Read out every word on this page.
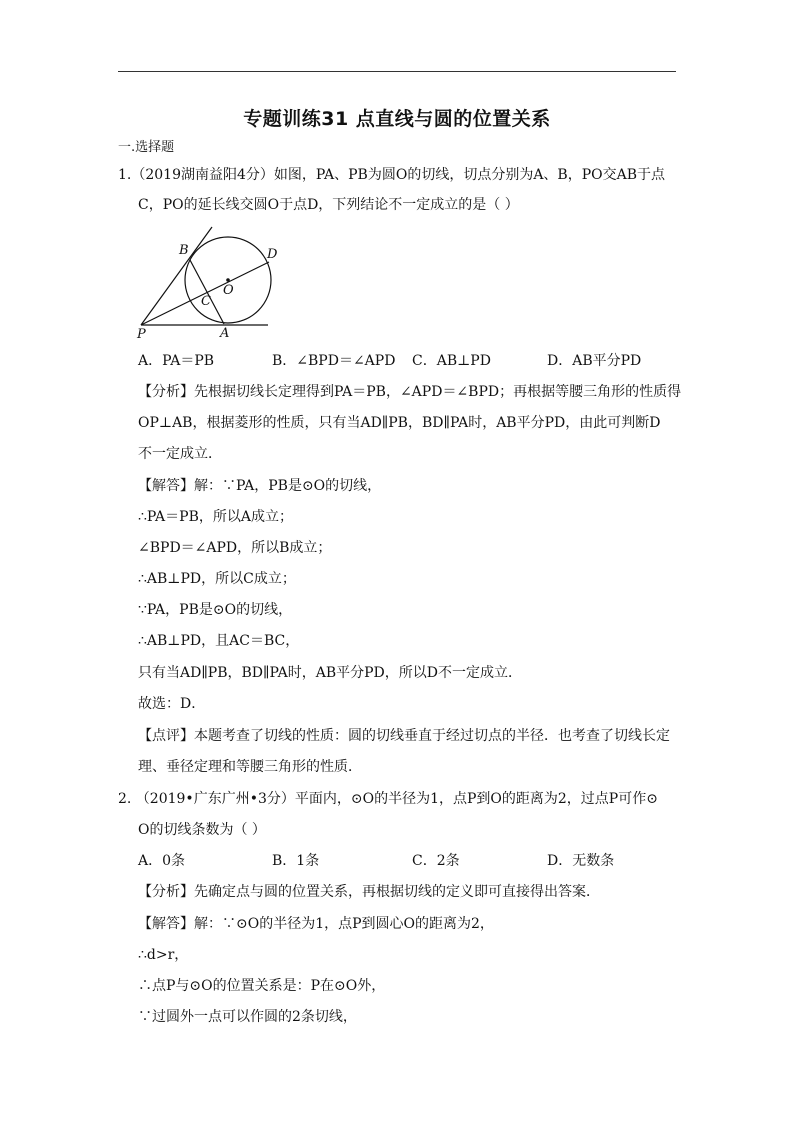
专题训练31 点直线与圆的位置关系
一.选择题
1.（2019湖南益阳4分）如图，PA、PB为圆O的切线，切点分别为A、B，PO交AB于点
C，PO的延长线交圆O于点D，下列结论不一定成立的是（ ）
B	D
O
C
P	A
A．PA＝PB	B．∠BPD＝∠APD C．AB⊥PD	D．AB平分PD
【分析】先根据切线长定理得到PA＝PB，∠APD＝∠BPD；再根据等腰三角形的性质得
OP⊥AB，根据菱形的性质，只有当AD∥PB，BD∥PA时，AB平分PD，由此可判断D
不一定成立．
【解答】解：∵PA，PB是⊙O的切线，
∴PA＝PB，所以A成立；
∠BPD＝∠APD，所以B成立；
∴AB⊥PD，所以C成立；
∵PA，PB是⊙O的切线，
∴AB⊥PD，且AC＝BC，
只有当AD∥PB，BD∥PA时，AB平分PD，所以D不一定成立．
故选：D．
【点评】本题考查了切线的性质：圆的切线垂直于经过切点的半径．也考查了切线长定
理、垂径定理和等腰三角形的性质．
2. （2019•广东广州•3分）平面内，⊙O的半径为1，点P到O的距离为2，过点P可作⊙
O的切线条数为（ ）
A．0条	B．1条	C．2条	D．无数条
【分析】先确定点与圆的位置关系，再根据切线的定义即可直接得出答案．
【解答】解：∵⊙O的半径为1，点P到圆心O的距离为2，
∴d>r，
∴点P与⊙O的位置关系是：P在⊙O外，
∵过圆外一点可以作圆的2条切线，
